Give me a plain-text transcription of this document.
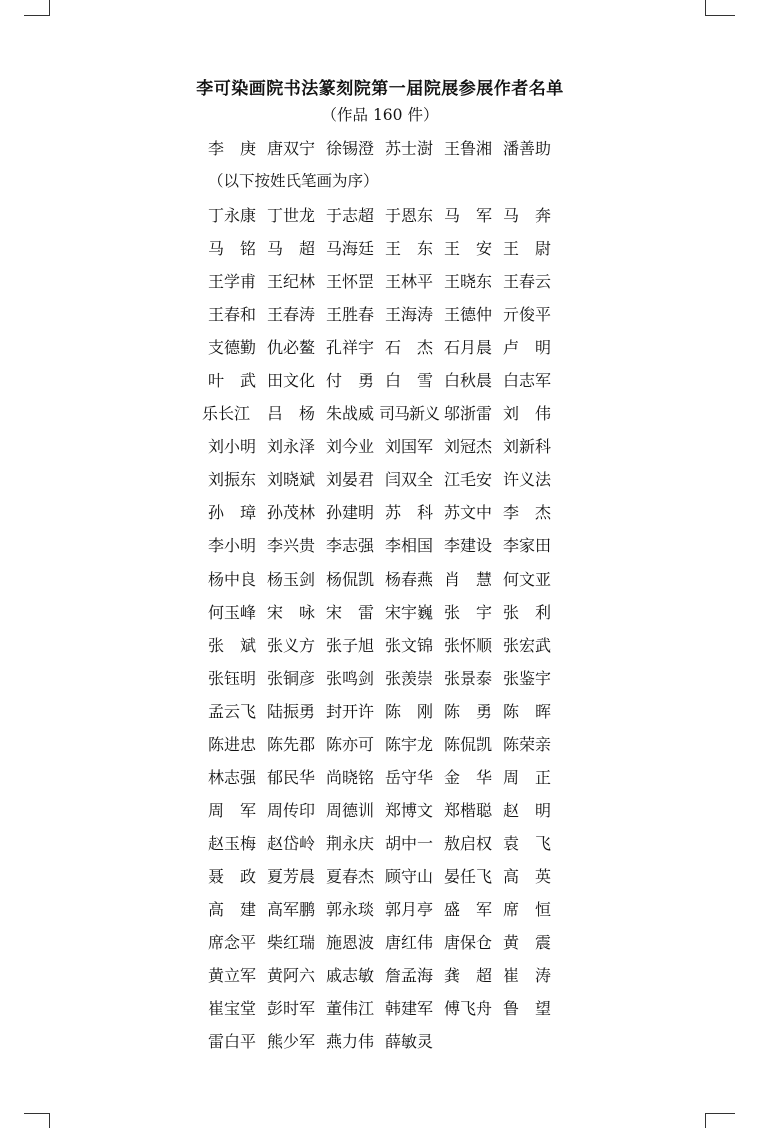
李可染画院书法篆刻院第一届院展参展作者名单
（作品 160 件）
李　庚 唐双宁 徐锡澄 苏士澍 王鲁湘 潘善助
（以下按姓氏笔画为序）
丁永康 丁世龙 于志超 于恩东 马　军 马　奔
马　铭 马　超 马海廷 王　东 王　安 王　尉
王学甫 王纪林 王怀罡 王林平 王晓东 王春云
王春和 王春涛 王胜春 王海涛 王德仲 亓俊平
支德勤 仇必鳌 孔祥宇 石　杰 石月晨 卢　明
叶　武 田文化 付　勇 白　雪 白秋晨 白志军
乐长江	吕　杨 朱战威 司马新义 邬浙雷 刘　伟
刘小明 刘永泽 刘今业 刘国军 刘冠杰 刘新科
刘振东 刘晓斌 刘晏君 闫双全 江毛安 许义法
孙　璋 孙茂林 孙建明 苏　科 苏文中 李　杰
李小明 李兴贵 李志强 李相国 李建设 李家田
杨中良 杨玉剑 杨侃凯 杨春燕 肖　慧 何文亚
何玉峰 宋　咏 宋　雷 宋宇巍 张　宇 张　利
张　斌 张义方 张子旭 张文锦 张怀顺 张宏武
张钰明 张铜彦 张鸣剑 张羡崇 张景泰 张鉴宇
孟云飞 陆振勇 封开许 陈　刚 陈　勇 陈　晖
陈进忠 陈先郡 陈亦可 陈宇龙 陈侃凯 陈荣亲
林志强 郁民华 尚晓铭 岳守华 金　华 周　正
周　军 周传印 周德训 郑博文 郑楷聪 赵　明
赵玉梅 赵岱岭 荆永庆 胡中一 敖启权 袁　飞
聂　政 夏芳晨 夏春杰 顾守山 晏任飞 高　英
高　建 高军鹏 郭永琰 郭月亭 盛　军 席　恒
席念平 柴红瑞 施恩波 唐红伟 唐保仓 黄　震
黄立军 黄阿六 戚志敏 詹孟海 龚　超 崔　涛
崔宝堂 彭时军 董伟江 韩建军 傅飞舟 鲁　望
雷白平 熊少军 燕力伟 薛敏灵
